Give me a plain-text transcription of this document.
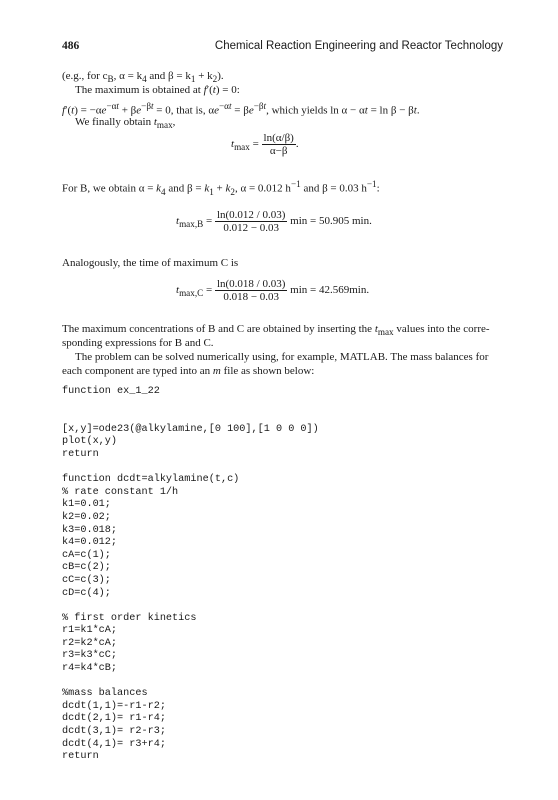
486	Chemical Reaction Engineering and Reactor Technology
(e.g., for $c_B$, $\alpha = k_4$ and $\beta = k_1 + k_2$).
The maximum is obtained at f′(t) = 0:
$f'(t) = -\alpha e^{-\alpha t} + \beta e^{-\beta t} = 0$, that is, $\alpha e^{-\alpha t} = \beta e^{-\beta t}$, which yields ln α − αt = ln β − βt.
We finally obtain $t_{max}$,
$t_{max} = \frac{\ln(\alpha/\beta)}{\alpha-\beta}$ .
For B, we obtain $\alpha = k_4$ and $\beta = k_1 + k_2$, α = 0.012 $h^{-1}$ and β = 0.03 $h^{-1}$:
$t_{max,B} = \frac{\ln(0.012 / 0.03)}{0.012 - 0.03}$ min = 50.905 min.
Analogously, the time of maximum C is
$t_{max,C} = \frac{\ln(0.018 / 0.03)}{0.018 - 0.03}$ min = 42.569min.
The maximum concentrations of B and C are obtained by inserting the $t_{max}$ values into the corre-
sponding expressions for B and C.
The problem can be solved numerically using, for example, MATLAB. The mass balances for
each component are typed into an m file as shown below:
function ex_1_22
[x,y]=ode23(@alkylamine,[0 100],[1 0 0 0])
plot(x,y)
return
function dcdt=alkylamine(t,c)
% rate constant 1/h
k1=0.01;
k2=0.02;
k3=0.018;
k4=0.012;
cA=c(1);
cB=c(2);
cC=c(3);
cD=c(4);
% first order kinetics
r1=k1*cA;
r2=k2*cA;
r3=k3*cC;
r4=k4*cB;
%mass balances
dcdt(1,1)=-r1-r2;
dcdt(2,1)= r1-r4;
dcdt(3,1)= r2-r3;
dcdt(4,1)= r3+r4;
return
